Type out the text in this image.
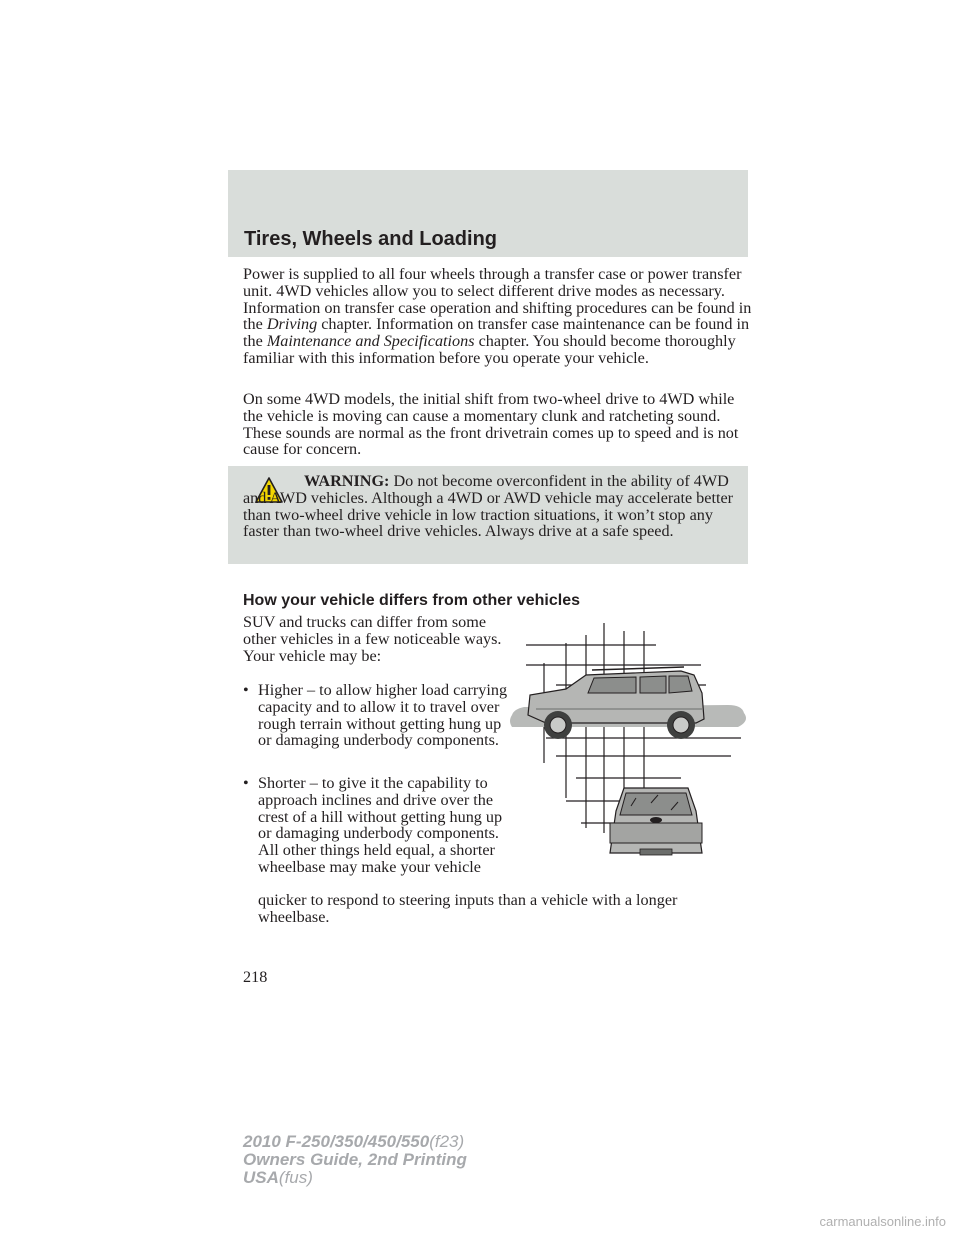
Tires, Wheels and Loading

Power is supplied to all four wheels through a transfer case or power transfer unit. 4WD vehicles allow you to select different drive modes as necessary. Information on transfer case operation and shifting procedures can be found in the Driving chapter. Information on transfer case maintenance can be found in the Maintenance and Specifications chapter. You should become thoroughly familiar with this information before you operate your vehicle.

On some 4WD models, the initial shift from two-wheel drive to 4WD while the vehicle is moving can cause a momentary clunk and ratcheting sound. These sounds are normal as the front drivetrain comes up to speed and is not cause for concern.
WARNING: Do not become overconfident in the ability of 4WD and AWD vehicles. Although a 4WD or AWD vehicle may accelerate better than two-wheel drive vehicle in low traction situations, it won’t stop any faster than two-wheel drive vehicles. Always drive at a safe speed.
How your vehicle differs from other vehicles
SUV and trucks can differ from some other vehicles in a few noticeable ways. Your vehicle may be:
• Higher – to allow higher load carrying capacity and to allow it to travel over rough terrain without getting hung up or damaging underbody components.
• Shorter – to give it the capability to approach inclines and drive over the crest of a hill without getting hung up or damaging underbody components. All other things held equal, a shorter wheelbase may make your vehicle
quicker to respond to steering inputs than a vehicle with a longer wheelbase.
218
2010 F-250/350/450/550(f23)
Owners Guide, 2nd Printing
USA(fus)
carmanualsonline.info
